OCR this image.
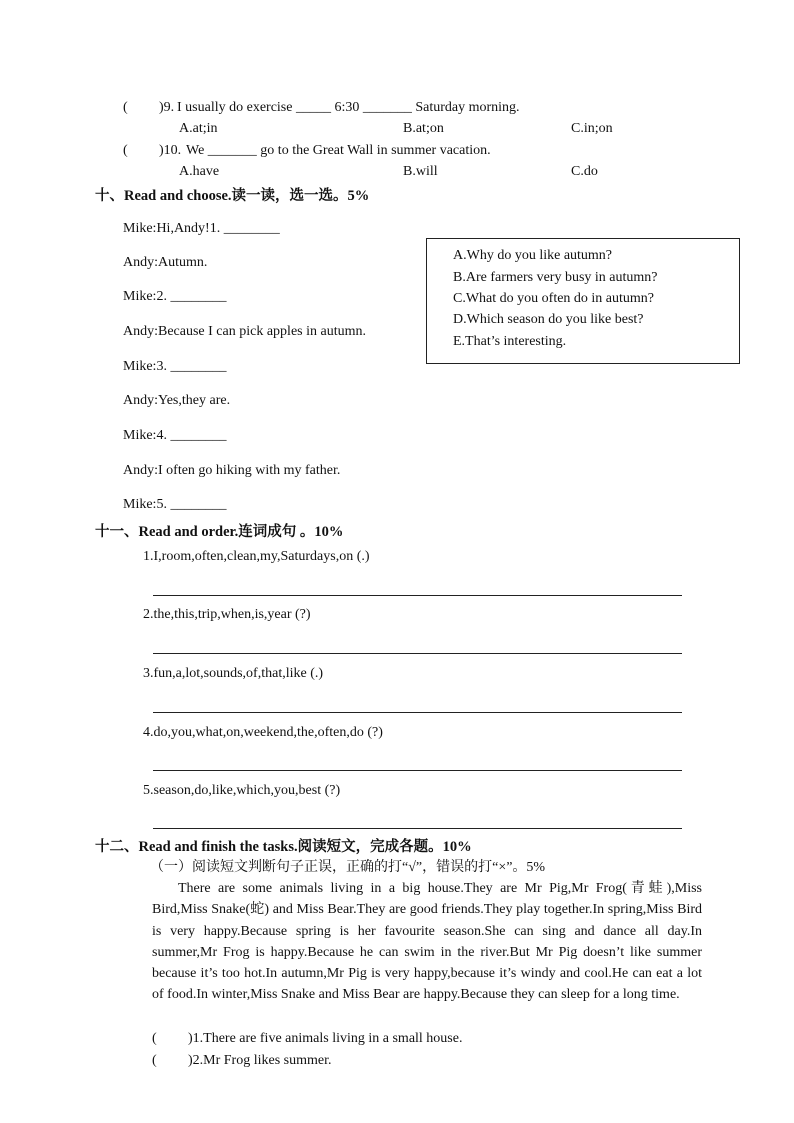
( )9. I usually do exercise _____ 6:30 _______ Saturday morning.
A.at;in	B.at;on	C.in;on
( )10. We _______ go to the Great Wall in summer vacation.
A.have	B.will	C.do
十、Read and choose.读一读，选一选。5%
Mike:Hi,Andy!1. ________
Andy:Autumn.
Mike:2. ________
Andy:Because I can pick apples in autumn.
Mike:3. ________
Andy:Yes,they are.
Mike:4. ________
Andy:I often go hiking with my father.
Mike:5. ________
A.Why do you like autumn?
B.Are farmers very busy in autumn?
C.What do you often do in autumn?
D.Which season do you like best?
E.That’s interesting.
十一、Read and order.连词成句 。10%
1.I,room,often,clean,my,Saturdays,on (.)
2.the,this,trip,when,is,year (?)
3.fun,a,lot,sounds,of,that,like (.)
4.do,you,what,on,weekend,the,often,do (?)
5.season,do,like,which,you,best (?)
十二、Read and finish the tasks.阅读短文，完成各题。10%
（一）阅读短文判断句子正误，正确的打“√”，错误的打“×”。5%
There are some animals living in a big house.They are Mr Pig,Mr Frog(青蛙),Miss Bird,Miss Snake(蛇) and Miss Bear.They are good friends.They play together.In spring,Miss Bird is very happy.Because spring is her favourite season.She can sing and dance all day.In summer,Mr Frog is happy.Because he can swim in the river.But Mr Pig doesn’t like summer because it’s too hot.In autumn,Mr Pig is very happy,because it’s windy and cool.He can eat a lot of food.In winter,Miss Snake and Miss Bear are happy.Because they can sleep for a long time.
( )1.There are five animals living in a small house.
( )2.Mr Frog likes summer.
